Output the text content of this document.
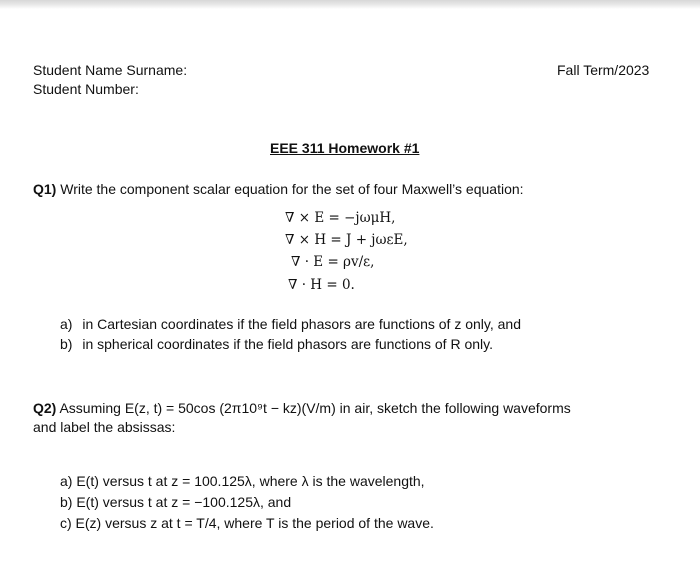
Student Name Surname:
Student Number:
Fall Term/2023
EEE 311 Homework #1
Q1) Write the component scalar equation for the set of four Maxwell’s equation:
∇ × E = −jωμH,
∇ × H = J + jωεE,
∇ · E = ρv/ε,
∇ · H = 0.
a) in Cartesian coordinates if the field phasors are functions of z only, and
b) in spherical coordinates if the field phasors are functions of R only.
Q2) Assuming E(z, t) = 50cos (2π10⁹t − kz)(V/m) in air, sketch the following waveforms
and label the absissas:
a) E(t) versus t at z = 100.125λ, where λ is the wavelength,
b) E(t) versus t at z = −100.125λ, and
c) E(z) versus z at t = T/4, where T is the period of the wave.
